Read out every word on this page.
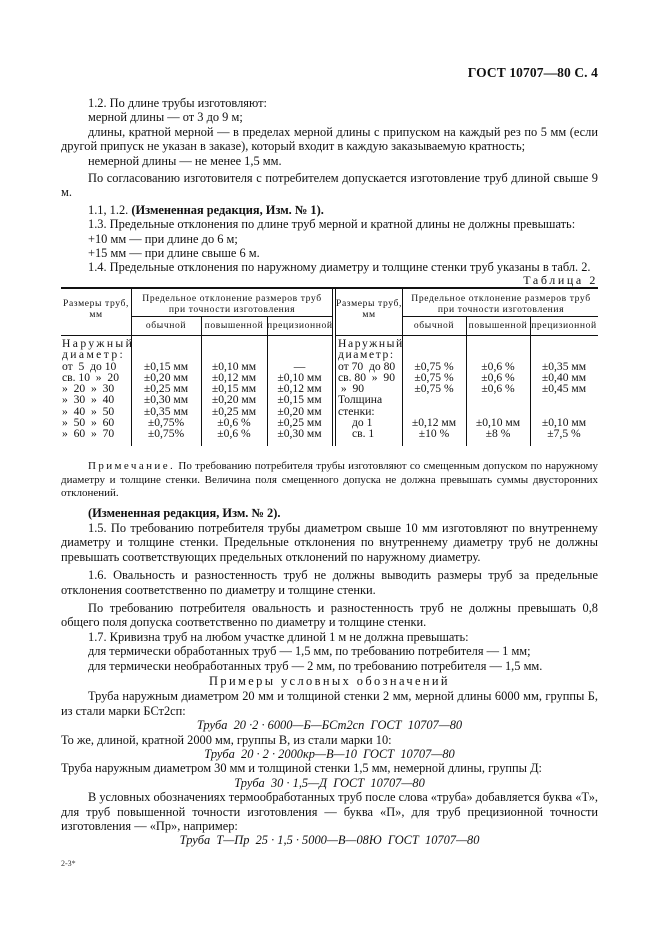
ГОСТ 10707—80 С. 4

1.2. По длине трубы изготовляют:

мерной длины — от 3 до 9 м;

длины, кратной мерной — в пределах мерной длины с припуском на каждый рез по 5 мм (если другой припуск не указан в заказе), который входит в каждую заказываемую кратность;

немерной длины — не менее 1,5 мм.

По согласованию изготовителя с потребителем допускается изготовление труб длиной свыше 9 м.

1.1, 1.2. (Измененная редакция, Изм. № 1).

1.3. Предельные отклонения по длине труб мерной и кратной длины не должны превышать:

+10 мм — при длине до 6 м;

+15 мм — при длине свыше 6 м.

1.4. Предельные отклонения по наружному диаметру и толщине стенки труб указаны в табл. 2.

Таблица 2
Размеры труб, мм
Предельное отклонение размеров труб при точности изготовления
обычной	повышенной прецизионной
Размеры труб, мм
Предельное отклонение размеров труб при точности изготовления
обычной	повышенной прецизионной
Наружный
диаметр:
от  5  до 10
св. 10  »  20
»  20  »  30
»  30  »  40
»  40  »  50
»  50  »  60
»  60  »  70
±0,15 мм
±0,20 мм
±0,25 мм
±0,30 мм
±0,35 мм
±0,75%
±0,75%
±0,10 мм
±0,12 мм
±0,15 мм
±0,20 мм
±0,25 мм
±0,6 %
±0,6 %
—
±0,10 мм
±0,12 мм
±0,15 мм
±0,20 мм
±0,25 мм
±0,30 мм
Наружный
диаметр:
от 70  до 80
св. 80  »  90
»  90
Толщина
стенки:
до 1
св. 1
±0,75 %
±0,75 %
±0,75 %
±0,12 мм
±10 %
±0,6 %
±0,6 %
±0,6 %
±0,10 мм
±8 %
±0,35 мм
±0,40 мм
±0,45 мм
±0,10 мм
±7,5 %

Примечание. По требованию потребителя трубы изготовляют со смещенным допуском по наружному диаметру и толщине стенки. Величина поля смещенного допуска не должна превышать суммы двусторонних отклонений.

(Измененная редакция, Изм. № 2).

1.5. По требованию потребителя трубы диаметром свыше 10 мм изготовляют по внутреннему диаметру и толщине стенки. Предельные отклонения по внутреннему диаметру труб не должны превышать соответствующих предельных отклонений по наружному диаметру.

1.6. Овальность и разностенность труб не должны выводить размеры труб за предельные отклонения соответственно по диаметру и толщине стенки.

По требованию потребителя овальность и разностенность труб не должны превышать 0,8 общего поля допуска соответственно по диаметру и толщине стенки.

1.7. Кривизна труб на любом участке длиной 1 м не должна превышать:

для термически обработанных труб — 1,5 мм, по требованию потребителя — 1 мм;

для термически необработанных труб — 2 мм, по требованию потребителя — 1,5 мм.

Примеры условных обозначений

Труба наружным диаметром 20 мм и толщиной стенки 2 мм, мерной длины 6000 мм, группы Б, из стали марки БСт2сп:

Труба  20 ·2 · 6000—Б—БСт2сп  ГОСТ  10707—80

То же, длиной, кратной 2000 мм, группы В, из стали марки 10:

Труба  20 · 2 · 2000кр—В—10  ГОСТ  10707—80

Труба наружным диаметром 30 мм и толщиной стенки 1,5 мм, немерной длины, группы Д:

Труба  30 · 1,5—Д  ГОСТ  10707—80

В условных обозначениях термообработанных труб после слова «труба» добавляется буква «Т», для труб повышенной точности изготовления — буква «П», для труб прецизионной точности изготовления — «Пр», например:

Труба  Т—Пр  25 · 1,5 · 5000—В—08Ю  ГОСТ  10707—80

2-3*
